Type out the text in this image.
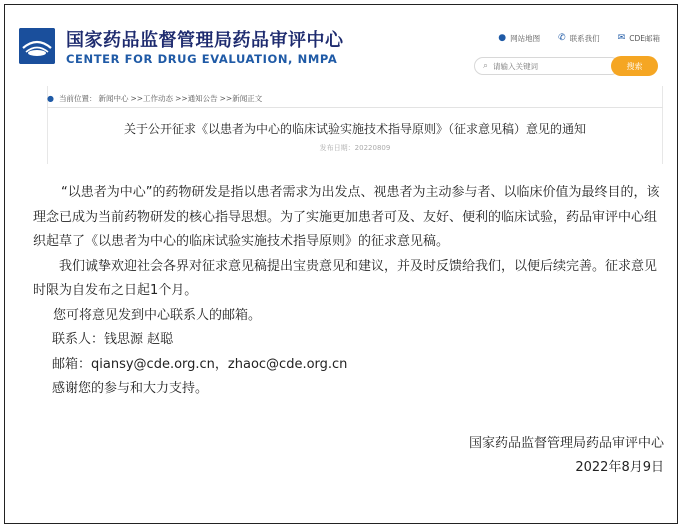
国家药品监督管理局药品审评中心
CENTER FOR DRUG EVALUATION, NMPA
● 网站地图 ✆ 联系我们 ✉ CDE邮箱
⌕
请输入关键词	搜索
● 当前位置： 新闻中心 >>工作动态 >>通知公告 >>新闻正文
关于公开征求《以患者为中心的临床试验实施技术指导原则》（征求意见稿）意见的通知
发布日期：20220809

“以患者为中心”的药物研发是指以患者需求为出发点、视患者为主动参与者、以临床价值为最终目的，该理念已成为当前药物研发的核心指导思想。为了实施更加患者可及、友好、便利的临床试验，药品审评中心组织起草了《以患者为中心的临床试验实施技术指导原则》的征求意见稿。

我们诚挚欢迎社会各界对征求意见稿提出宝贵意见和建议，并及时反馈给我们，以便后续完善。征求意见时限为自发布之日起1个月。

您可将意见发到中心联系人的邮箱。

联系人：钱思源 赵聪

邮箱：qiansy@cde.org.cn，zhaoc@cde.org.cn

感谢您的参与和大力支持。

国家药品监督管理局药品审评中心
2022年8月9日
